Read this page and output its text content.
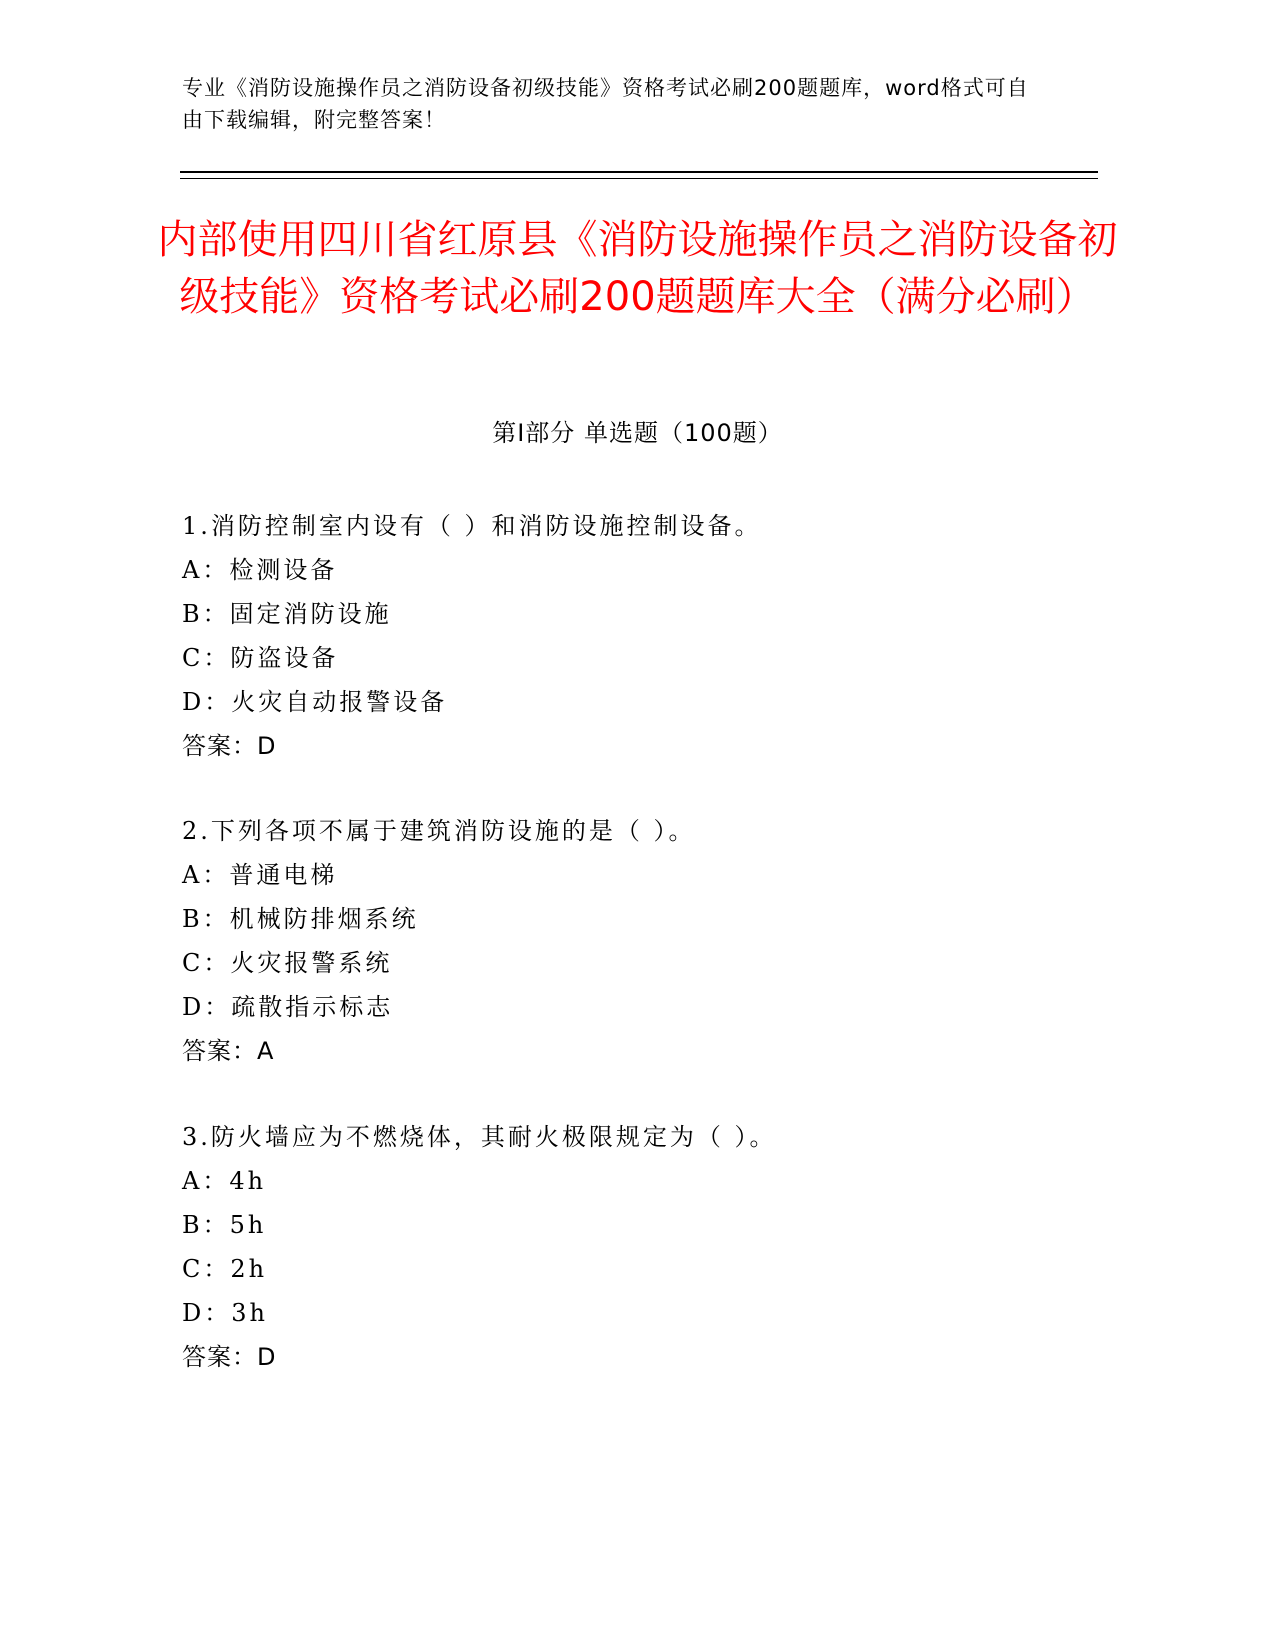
专业《消防设施操作员之消防设备初级技能》资格考试必刷200题题库，word格式可自由下载编辑，附完整答案！
内部使用四川省红原县《消防设施操作员之消防设备初级技能》资格考试必刷200题题库大全（满分必刷）
第I部分 单选题（100题）
1.消防控制室内设有（ ）和消防设施控制设备。
A：检测设备
B：固定消防设施
C：防盗设备
D：火灾自动报警设备
答案：D
2.下列各项不属于建筑消防设施的是（ ）。
A：普通电梯
B：机械防排烟系统
C：火灾报警系统
D：疏散指示标志
答案：A
3.防火墙应为不燃烧体，其耐火极限规定为（ ）。
A：4h
B：5h
C：2h
D：3h
答案：D
